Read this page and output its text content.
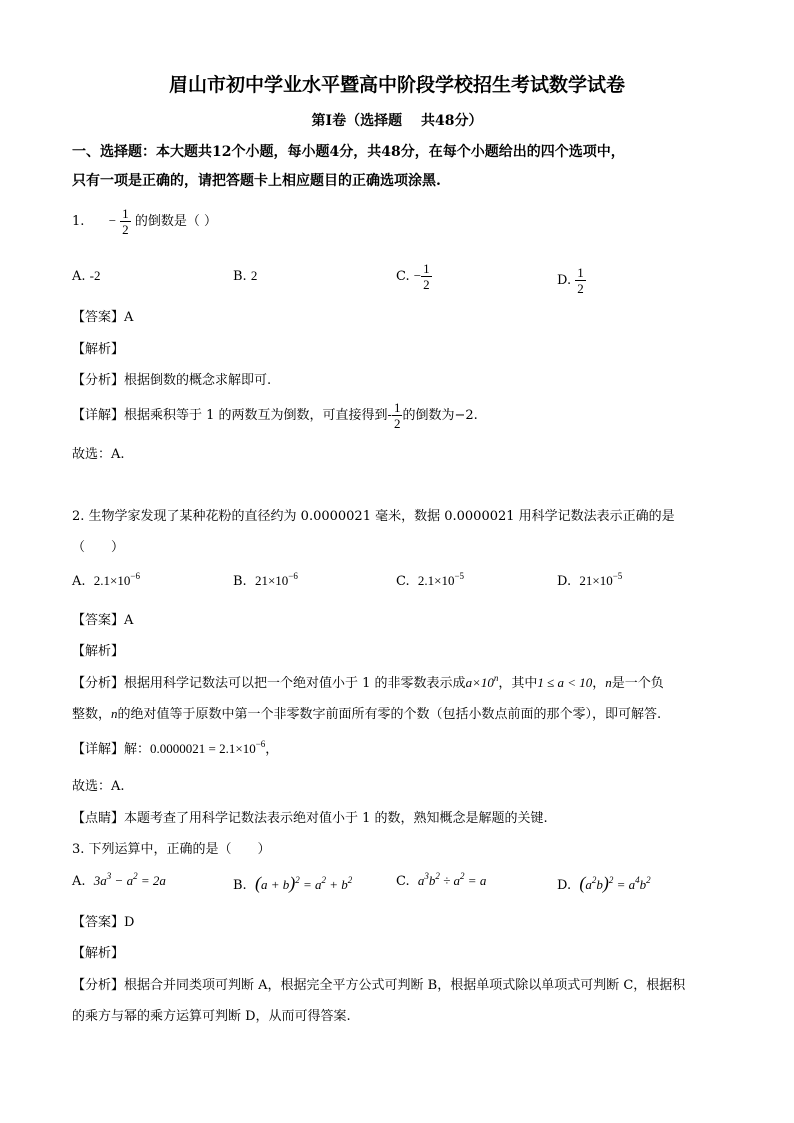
眉山市初中学业水平暨高中阶段学校招生考试数学试卷
第I卷（选择题　 共48分）
一、选择题：本大题共12个小题，每小题4分，共48分，在每个小题给出的四个选项中，
只有一项是正确的，请把答题卡上相应题目的正确选项涂黑.
1. − $\frac{1}{2}$ 的倒数是（ ）
A. -2	B. 2	C. − $\frac{1}{2}$	D. $\frac{1}{2}$
【答案】A
【解析】
【分析】根据倒数的概念求解即可.
【详解】根据乘积等于 1 的两数互为倒数，可直接得到- $\frac{1}{2}$ 的倒数为−2.
故选：A.
2. 生物学家发现了某种花粉的直径约为 0.0000021 毫米，数据 0.0000021 用科学记数法表示正确的是
（　　）
A. $2.1\times 10^{-6}$	B. $21\times 10^{-6}$	C. $2.1\times 10^{-5}$	D. $21\times 10^{-5}$
【答案】A
【解析】
【分析】根据用科学记数法可以把一个绝对值小于 1 的非零数表示成$a\times 10^n$，其中1 ≤ a < 10，n是一个负
整数，n的绝对值等于原数中第一个非零数字前面所有零的个数（包括小数点前面的那个零），即可解答.
【详解】解：$0.0000021 = 2.1\times 10^{-6}$，
故选：A.
【点睛】本题考查了用科学记数法表示绝对值小于 1 的数，熟知概念是解题的关键.
3. 下列运算中，正确的是（　　）
A. $3a^3 - a^2 = 2a$	B. $(a + b)^2 = a^2 + b^2$	C. $a^3b^2 \div a^2 = a$	D. $(a^2b)^2 = a^4b^2$
【答案】D
【解析】
【分析】根据合并同类项可判断 A，根据完全平方公式可判断 B，根据单项式除以单项式可判断 C，根据积
的乘方与幂的乘方运算可判断 D，从而可得答案.
